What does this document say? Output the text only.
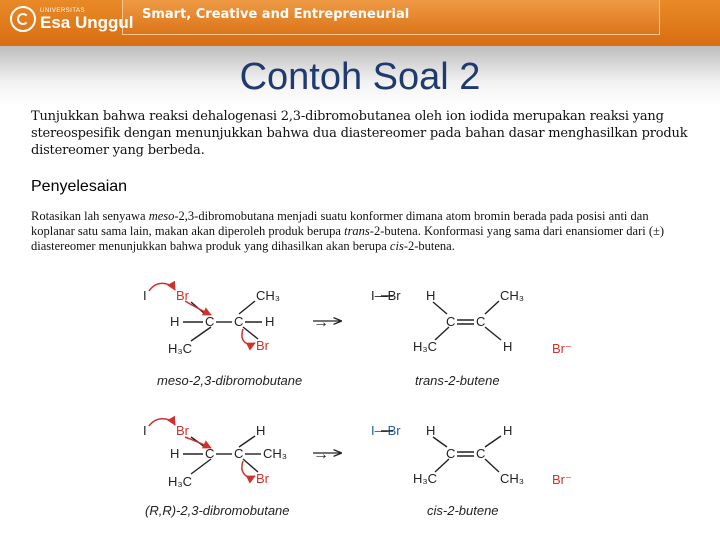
UNIVERSITAS
Esa Unggul Smart, Creative and Entrepreneurial
Contoh Soal 2
Tunjukkan bahwa reaksi dehalogenasi 2,3-dibromobutanea oleh ion iodida merupakan reaksi yang stereospesifik dengan menunjukkan bahwa dua diastereomer pada bahan dasar menghasilkan produk distereomer yang berbeda.
Penyelesaian
Rotasikan lah senyawa meso-2,3-dibromobutana menjadi suatu konformer dimana atom bromin berada pada posisi anti dan koplanar satu sama lain, makan akan diperoleh produk berupa trans-2-butena. Konformasi yang sama dari enansiomer dari (±) diastereomer menunjukkan bahwa produk yang dihasilkan akan berupa cis-2-butena.
I Br	CH₃
H C C H
H₃C	Br
meso-2,3-dibromobutane
→
I—Br H	CH₃
C C
H₃C	H
trans-2-butene
Br⁻
I Br	H
H C C CH₃
H₃C	Br
(R,R)-2,3-dibromobutane
→
I—Br H	H
C C
H₃C	CH₃
cis-2-butene
Br⁻
